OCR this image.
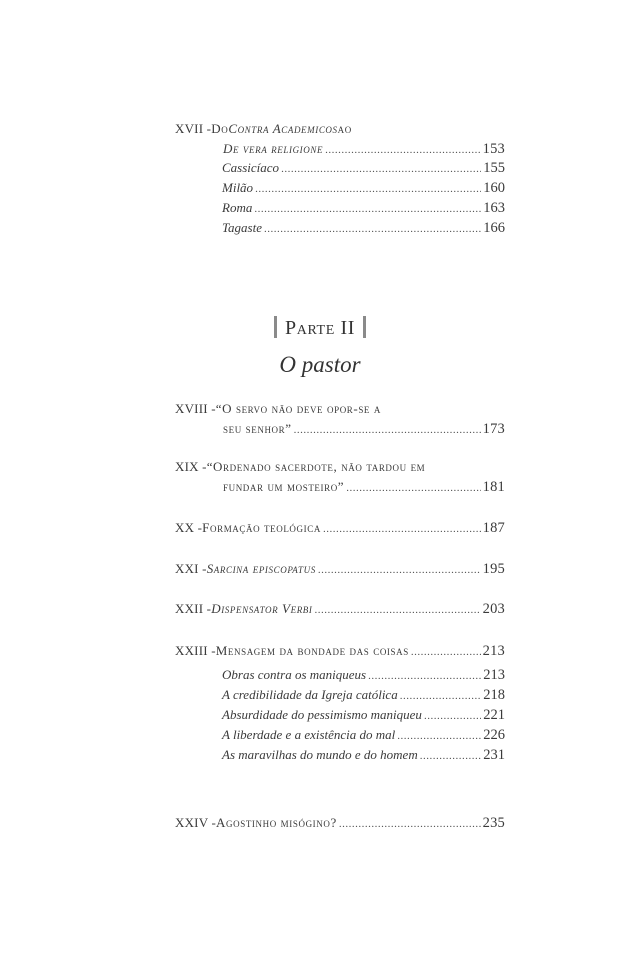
XVII - Do Contra Academicos ao
De vera religione .....	153
Cassicíaco .....	155
Milão .....	160
Roma .....	163
Tagaste .....	166
Parte II
O pastor
XVIII - “O servo não deve opor-se a
seu senhor” .....	173
XIX - “Ordenado sacerdote, não tardou em
fundar um mosteiro” .....	181
XX - Formação teológica .....	187
XXI - Sarcina episcopatus .....	195
XXII - Dispensator Verbi .....	203
XXIII - Mensagem da bondade das coisas .....	213
Obras contra os maniqueus .....	213
A credibilidade da Igreja católica .....	218
Absurdidade do pessimismo maniqueu .....	221
A liberdade e a existência do mal .....	226
As maravilhas do mundo e do homem .....	231
XXIV - Agostinho misógino? .....	235
